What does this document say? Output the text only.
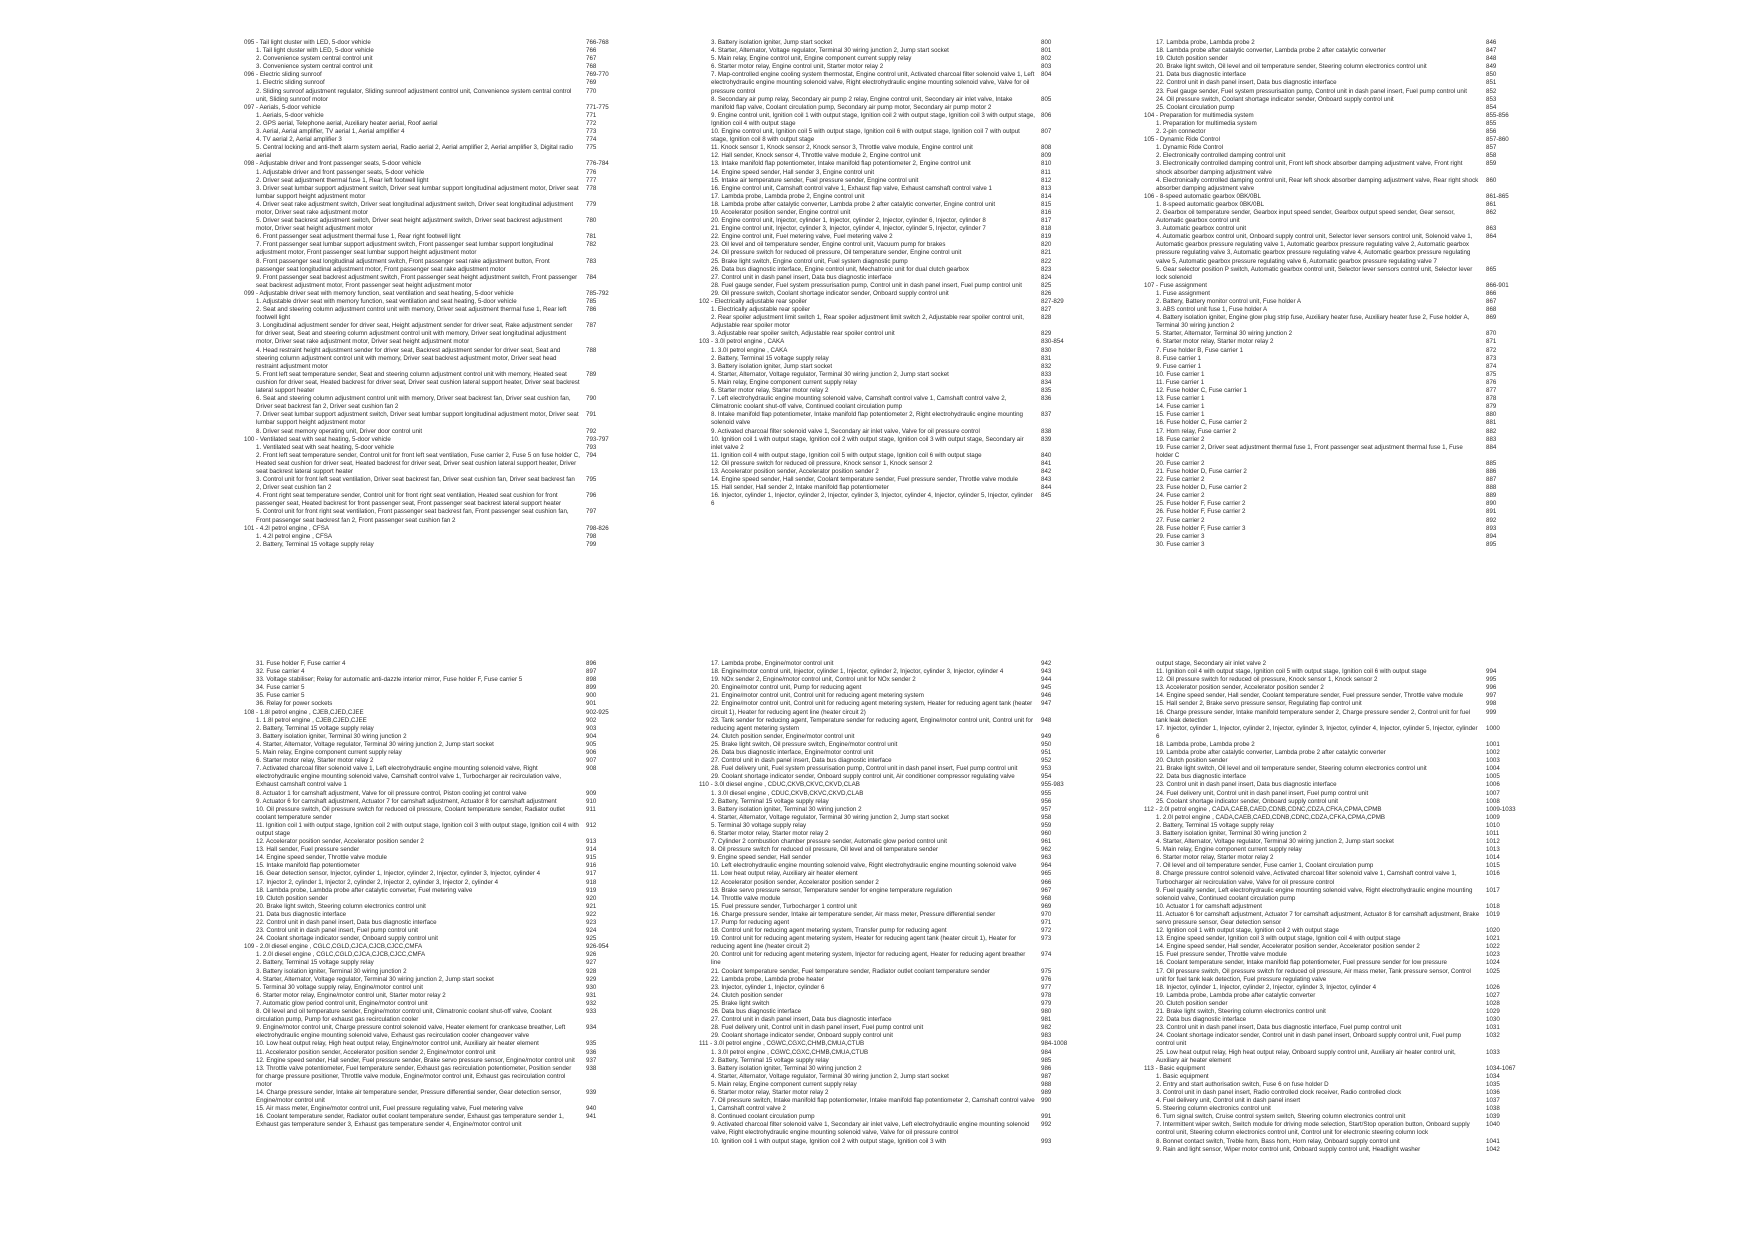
095 - Tail light cluster with LED, 5-door vehicle	766-768
1. Tail light cluster with LED, 5-door vehicle	766
2. Convenience system central control unit	767
3. Convenience system central control unit	768
096 - Electric sliding sunroof	769-770
1. Electric sliding sunroof	769
2. Sliding sunroof adjustment regulator, Sliding sunroof adjustment control unit, Convenience system central control unit, Sliding sunroof motor
770
097 - Aerials, 5-door vehicle	771-775
1. Aerials, 5-door vehicle	771
2. GPS aerial, Telephone aerial, Auxiliary heater aerial, Roof aerial	772
3. Aerial, Aerial amplifier, TV aerial 1, Aerial amplifier 4	773
4. TV aerial 2, Aerial amplifier 3	774
5. Central locking and anti-theft alarm system aerial, Radio aerial 2, Aerial amplifier 2, Aerial amplifier 3, Digital radio aerial
775
098 - Adjustable driver and front passenger seats, 5-door vehicle	776-784
1. Adjustable driver and front passenger seats, 5-door vehicle	776
2. Driver seat adjustment thermal fuse 1, Rear left footwell light	777
3. Driver seat lumbar support adjustment switch, Driver seat lumbar support longitudinal adjustment motor, Driver seat lumbar support height adjustment motor
778
4. Driver seat rake adjustment switch, Driver seat longitudinal adjustment switch, Driver seat longitudinal adjustment motor, Driver seat rake adjustment motor
779
5. Driver seat backrest adjustment switch, Driver seat height adjustment switch, Driver seat backrest adjustment motor, Driver seat height adjustment motor
780
6. Front passenger seat adjustment thermal fuse 1, Rear right footwell light	781
7. Front passenger seat lumbar support adjustment switch, Front passenger seat lumbar support longitudinal adjustment motor, Front passenger seat lumbar support height adjustment motor
782
8. Front passenger seat longitudinal adjustment switch, Front passenger seat rake adjustment button, Front passenger seat longitudinal adjustment motor, Front passenger seat rake adjustment motor
783
9. Front passenger seat backrest adjustment switch, Front passenger seat height adjustment switch, Front passenger seat backrest adjustment motor, Front passenger seat height adjustment motor
784
099 - Adjustable driver seat with memory function, seat ventilation and seat heating, 5-door vehicle	785-792
1. Adjustable driver seat with memory function, seat ventilation and seat heating, 5-door vehicle	785
2. Seat and steering column adjustment control unit with memory, Driver seat adjustment thermal fuse 1, Rear left footwell light
786
3. Longitudinal adjustment sender for driver seat, Height adjustment sender for driver seat, Rake adjustment sender for driver seat, Seat and steering column adjustment control unit with memory, Driver seat longitudinal adjustment motor, Driver seat rake adjustment motor, Driver seat height adjustment motor
787
4. Head restraint height adjustment sender for driver seat, Backrest adjustment sender for driver seat, Seat and steering column adjustment control unit with memory, Driver seat backrest adjustment motor, Driver seat head restraint adjustment motor
788
5. Front left seat temperature sender, Seat and steering column adjustment control unit with memory, Heated seat cushion for driver seat, Heated backrest for driver seat, Driver seat cushion lateral support heater, Driver seat backrest lateral support heater
789
6. Seat and steering column adjustment control unit with memory, Driver seat backrest fan, Driver seat cushion fan, Driver seat backrest fan 2, Driver seat cushion fan 2
790
7. Driver seat lumbar support adjustment switch, Driver seat lumbar support longitudinal adjustment motor, Driver seat lumbar support height adjustment motor
791
8. Driver seat memory operating unit, Driver door control unit	792
100 - Ventilated seat with seat heating, 5-door vehicle	793-797
1. Ventilated seat with seat heating, 5-door vehicle	793
2. Front left seat temperature sender, Control unit for front left seat ventilation, Fuse carrier 2, Fuse 5 on fuse holder C, Heated seat cushion for driver seat, Heated backrest for driver seat, Driver seat cushion lateral support heater, Driver seat backrest lateral support heater
794
3. Control unit for front left seat ventilation, Driver seat backrest fan, Driver seat cushion fan, Driver seat backrest fan 2, Driver seat cushion fan 2
795
4. Front right seat temperature sender, Control unit for front right seat ventilation, Heated seat cushion for front passenger seat, Heated backrest for front passenger seat, Front passenger seat backrest lateral support heater
796
5. Control unit for front right seat ventilation, Front passenger seat backrest fan, Front passenger seat cushion fan, Front passenger seat backrest fan 2, Front passenger seat cushion fan 2
797
101 - 4.2l petrol engine , CFSA	798-826
1. 4.2l petrol engine , CFSA	798
2. Battery, Terminal 15 voltage supply relay	799
3. Battery isolation igniter, Jump start socket	800
4. Starter, Alternator, Voltage regulator, Terminal 30 wiring junction 2, Jump start socket	801
5. Main relay, Engine control unit, Engine component current supply relay	802
6. Starter motor relay, Engine control unit, Starter motor relay 2	803
7. Map-controlled engine cooling system thermostat, Engine control unit, Activated charcoal filter solenoid valve 1, Left electrohydraulic engine mounting solenoid valve, Right electrohydraulic engine mounting solenoid valve, Valve for oil pressure control
804
8. Secondary air pump relay, Secondary air pump 2 relay, Engine control unit, Secondary air inlet valve, Intake manifold flap valve, Coolant circulation pump, Secondary air pump motor, Secondary air pump motor 2
805
9. Engine control unit, Ignition coil 1 with output stage, Ignition coil 2 with output stage, Ignition coil 3 with output stage, Ignition coil 4 with output stage
806
10. Engine control unit, Ignition coil 5 with output stage, Ignition coil 6 with output stage, Ignition coil 7 with output stage, Ignition coil 8 with output stage
807
11. Knock sensor 1, Knock sensor 2, Knock sensor 3, Throttle valve module, Engine control unit	808
12. Hall sender, Knock sensor 4, Throttle valve module 2, Engine control unit	809
13. Intake manifold flap potentiometer, Intake manifold flap potentiometer 2, Engine control unit	810
14. Engine speed sender, Hall sender 3, Engine control unit	811
15. Intake air temperature sender, Fuel pressure sender, Engine control unit	812
16. Engine control unit, Camshaft control valve 1, Exhaust flap valve, Exhaust camshaft control valve 1	813
17. Lambda probe, Lambda probe 2, Engine control unit	814
18. Lambda probe after catalytic converter, Lambda probe 2 after catalytic converter, Engine control unit	815
19. Accelerator position sender, Engine control unit	816
20. Engine control unit, Injector, cylinder 1, Injector, cylinder 2, Injector, cylinder 6, Injector, cylinder 8	817
21. Engine control unit, Injector, cylinder 3, Injector, cylinder 4, Injector, cylinder 5, Injector, cylinder 7	818
22. Engine control unit, Fuel metering valve, Fuel metering valve 2	819
23. Oil level and oil temperature sender, Engine control unit, Vacuum pump for brakes	820
24. Oil pressure switch for reduced oil pressure, Oil temperature sender, Engine control unit	821
25. Brake light switch, Engine control unit, Fuel system diagnostic pump	822
26. Data bus diagnostic interface, Engine control unit, Mechatronic unit for dual clutch gearbox	823
27. Control unit in dash panel insert, Data bus diagnostic interface	824
28. Fuel gauge sender, Fuel system pressurisation pump, Control unit in dash panel insert, Fuel pump control unit	825
29. Oil pressure switch, Coolant shortage indicator sender, Onboard supply control unit	826
102 - Electrically adjustable rear spoiler	827-829
1. Electrically adjustable rear spoiler	827
2. Rear spoiler adjustment limit switch 1, Rear spoiler adjustment limit switch 2, Adjustable rear spoiler control unit, Adjustable rear spoiler motor
828
3. Adjustable rear spoiler switch, Adjustable rear spoiler control unit	829
103 - 3.0l petrol engine , CAKA	830-854
1. 3.0l petrol engine , CAKA	830
2. Battery, Terminal 15 voltage supply relay	831
3. Battery isolation igniter, Jump start socket	832
4. Starter, Alternator, Voltage regulator, Terminal 30 wiring junction 2, Jump start socket	833
5. Main relay, Engine component current supply relay	834
6. Starter motor relay, Starter motor relay 2	835
7. Left electrohydraulic engine mounting solenoid valve, Camshaft control valve 1, Camshaft control valve 2, Climatronic coolant shut-off valve, Continued coolant circulation pump
836
8. Intake manifold flap potentiometer, Intake manifold flap potentiometer 2, Right electrohydraulic engine mounting solenoid valve
837
9. Activated charcoal filter solenoid valve 1, Secondary air inlet valve, Valve for oil pressure control	838
10. Ignition coil 1 with output stage, Ignition coil 2 with output stage, Ignition coil 3 with output stage, Secondary air inlet valve 2
839
11. Ignition coil 4 with output stage, Ignition coil 5 with output stage, Ignition coil 6 with output stage	840
12. Oil pressure switch for reduced oil pressure, Knock sensor 1, Knock sensor 2	841
13. Accelerator position sender, Accelerator position sender 2	842
14. Engine speed sender, Hall sender, Coolant temperature sender, Fuel pressure sender, Throttle valve module	843
15. Hall sender, Hall sender 2, Intake manifold flap potentiometer	844
16. Injector, cylinder 1, Injector, cylinder 2, Injector, cylinder 3, Injector, cylinder 4, Injector, cylinder 5, Injector, cylinder 6
845
17. Lambda probe, Lambda probe 2	846
18. Lambda probe after catalytic converter, Lambda probe 2 after catalytic converter	847
19. Clutch position sender	848
20. Brake light switch, Oil level and oil temperature sender, Steering column electronics control unit	849
21. Data bus diagnostic interface	850
22. Control unit in dash panel insert, Data bus diagnostic interface	851
23. Fuel gauge sender, Fuel system pressurisation pump, Control unit in dash panel insert, Fuel pump control unit	852
24. Oil pressure switch, Coolant shortage indicator sender, Onboard supply control unit	853
25. Coolant circulation pump	854
104 - Preparation for multimedia system	855-856
1. Preparation for multimedia system	855
2. 2-pin connector	856
105 - Dynamic Ride Control	857-860
1. Dynamic Ride Control	857
2. Electronically controlled damping control unit	858
3. Electronically controlled damping control unit, Front left shock absorber damping adjustment valve, Front right shock absorber damping adjustment valve
859
4. Electronically controlled damping control unit, Rear left shock absorber damping adjustment valve, Rear right shock absorber damping adjustment valve
860
106 - 8-speed automatic gearbox 0BK/0BL	861-865
1. 8-speed automatic gearbox 0BK/0BL	861
2. Gearbox oil temperature sender, Gearbox input speed sender, Gearbox output speed sender, Gear sensor, Automatic gearbox control unit
862
3. Automatic gearbox control unit	863
4. Automatic gearbox control unit, Onboard supply control unit, Selector lever sensors control unit, Solenoid valve 1, Automatic gearbox pressure regulating valve 1, Automatic gearbox pressure regulating valve 2, Automatic gearbox pressure regulating valve 3, Automatic gearbox pressure regulating valve 4, Automatic gearbox pressure regulating valve 5, Automatic gearbox pressure regulating valve 6, Automatic gearbox pressure regulating valve 7
864
5. Gear selector position P switch, Automatic gearbox control unit, Selector lever sensors control unit, Selector lever lock solenoid
865
107 - Fuse assignment	866-901
1. Fuse assignment	866
2. Battery, Battery monitor control unit, Fuse holder A	867
3. ABS control unit fuse 1, Fuse holder A	868
4. Battery isolation igniter, Engine glow plug strip fuse, Auxiliary heater fuse, Auxiliary heater fuse 2, Fuse holder A, Terminal 30 wiring junction 2
869
5. Starter, Alternator, Terminal 30 wiring junction 2	870
6. Starter motor relay, Starter motor relay 2	871
7. Fuse holder B, Fuse carrier 1	872
8. Fuse carrier 1	873
9. Fuse carrier 1	874
10. Fuse carrier 1	875
11. Fuse carrier 1	876
12. Fuse holder C, Fuse carrier 1	877
13. Fuse carrier 1	878
14. Fuse carrier 1	879
15. Fuse carrier 1	880
16. Fuse holder C, Fuse carrier 2	881
17. Horn relay, Fuse carrier 2	882
18. Fuse carrier 2	883
19. Fuse carrier 2, Driver seat adjustment thermal fuse 1, Front passenger seat adjustment thermal fuse 1, Fuse holder C
884
20. Fuse carrier 2	885
21. Fuse holder D, Fuse carrier 2	886
22. Fuse carrier 2	887
23. Fuse holder D, Fuse carrier 2	888
24. Fuse carrier 2	889
25. Fuse holder F, Fuse carrier 2	890
26. Fuse holder F, Fuse carrier 2	891
27. Fuse carrier 2	892
28. Fuse holder F, Fuse carrier 3	893
29. Fuse carrier 3	894
30. Fuse carrier 3	895
31. Fuse holder F, Fuse carrier 4	896
32. Fuse carrier 4	897
33. Voltage stabiliser; Relay for automatic anti-dazzle interior mirror, Fuse holder F, Fuse carrier 5	898
34. Fuse carrier 5	899
35. Fuse carrier 5	900
36. Relay for power sockets	901
108 - 1.8l petrol engine , CJEB,CJED,CJEE	902-925
1. 1.8l petrol engine , CJEB,CJED,CJEE	902
2. Battery, Terminal 15 voltage supply relay	903
3. Battery isolation igniter, Terminal 30 wiring junction 2	904
4. Starter, Alternator, Voltage regulator, Terminal 30 wiring junction 2, Jump start socket	905
5. Main relay, Engine component current supply relay	906
6. Starter motor relay, Starter motor relay 2	907
7. Activated charcoal filter solenoid valve 1, Left electrohydraulic engine mounting solenoid valve, Right electrohydraulic engine mounting solenoid valve, Camshaft control valve 1, Turbocharger air recirculation valve, Exhaust camshaft control valve 1
908
8. Actuator 1 for camshaft adjustment, Valve for oil pressure control, Piston cooling jet control valve	909
9. Actuator 6 for camshaft adjustment, Actuator 7 for camshaft adjustment, Actuator 8 for camshaft adjustment	910
10. Oil pressure switch, Oil pressure switch for reduced oil pressure, Coolant temperature sender, Radiator outlet coolant temperature sender
911
11. Ignition coil 1 with output stage, Ignition coil 2 with output stage, Ignition coil 3 with output stage, Ignition coil 4 with output stage
912
12. Accelerator position sender, Accelerator position sender 2	913
13. Hall sender, Fuel pressure sender	914
14. Engine speed sender, Throttle valve module	915
15. Intake manifold flap potentiometer	916
16. Gear detection sensor, Injector, cylinder 1, Injector, cylinder 2, Injector, cylinder 3, Injector, cylinder 4	917
17. Injector 2, cylinder 1, Injector 2, cylinder 2, Injector 2, cylinder 3, Injector 2, cylinder 4	918
18. Lambda probe, Lambda probe after catalytic converter, Fuel metering valve	919
19. Clutch position sender	920
20. Brake light switch, Steering column electronics control unit	921
21. Data bus diagnostic interface	922
22. Control unit in dash panel insert, Data bus diagnostic interface	923
23. Control unit in dash panel insert, Fuel pump control unit	924
24. Coolant shortage indicator sender, Onboard supply control unit	925
109 - 2.0l diesel engine , CGLC,CGLD,CJCA,CJCB,CJCC,CMFA	926-954
1. 2.0l diesel engine , CGLC,CGLD,CJCA,CJCB,CJCC,CMFA	926
2. Battery, Terminal 15 voltage supply relay	927
3. Battery isolation igniter, Terminal 30 wiring junction 2	928
4. Starter, Alternator, Voltage regulator, Terminal 30 wiring junction 2, Jump start socket	929
5. Terminal 30 voltage supply relay, Engine/motor control unit	930
6. Starter motor relay, Engine/motor control unit, Starter motor relay 2	931
7. Automatic glow period control unit, Engine/motor control unit	932
8. Oil level and oil temperature sender, Engine/motor control unit, Climatronic coolant shut-off valve, Coolant circulation pump, Pump for exhaust gas recirculation cooler
933
9. Engine/motor control unit, Charge pressure control solenoid valve, Heater element for crankcase breather, Left electrohydraulic engine mounting solenoid valve, Exhaust gas recirculation cooler changeover valve
934
10. Low heat output relay, High heat output relay, Engine/motor control unit, Auxiliary air heater element	935
11. Accelerator position sender, Accelerator position sender 2, Engine/motor control unit	936
12. Engine speed sender, Hall sender, Fuel pressure sender, Brake servo pressure sensor, Engine/motor control unit	937
13. Throttle valve potentiometer, Fuel temperature sender, Exhaust gas recirculation potentiometer, Position sender for charge pressure positioner, Throttle valve module, Engine/motor control unit, Exhaust gas recirculation control motor
938
14. Charge pressure sender, Intake air temperature sender, Pressure differential sender, Gear detection sensor, Engine/motor control unit
939
15. Air mass meter, Engine/motor control unit, Fuel pressure regulating valve, Fuel metering valve	940
16. Coolant temperature sender, Radiator outlet coolant temperature sender, Exhaust gas temperature sender 1, Exhaust gas temperature sender 3, Exhaust gas temperature sender 4, Engine/motor control unit
941
17. Lambda probe, Engine/motor control unit	942
18. Engine/motor control unit, Injector, cylinder 1, Injector, cylinder 2, Injector, cylinder 3, Injector, cylinder 4	943
19. NOx sender 2, Engine/motor control unit, Control unit for NOx sender 2	944
20. Engine/motor control unit, Pump for reducing agent	945
21. Engine/motor control unit, Control unit for reducing agent metering system	946
22. Engine/motor control unit, Control unit for reducing agent metering system, Heater for reducing agent tank (heater circuit 1), Heater for reducing agent line (heater circuit 2)
947
23. Tank sender for reducing agent, Temperature sender for reducing agent, Engine/motor control unit, Control unit for reducing agent metering system
948
24. Clutch position sender, Engine/motor control unit	949
25. Brake light switch, Oil pressure switch, Engine/motor control unit	950
26. Data bus diagnostic interface, Engine/motor control unit	951
27. Control unit in dash panel insert, Data bus diagnostic interface	952
28. Fuel delivery unit, Fuel system pressurisation pump, Control unit in dash panel insert, Fuel pump control unit	953
29. Coolant shortage indicator sender, Onboard supply control unit, Air conditioner compressor regulating valve	954
110 - 3.0l diesel engine , CDUC,CKVB,CKVC,CKVD,CLAB	955-983
1. 3.0l diesel engine , CDUC,CKVB,CKVC,CKVD,CLAB	955
2. Battery, Terminal 15 voltage supply relay	956
3. Battery isolation igniter, Terminal 30 wiring junction 2	957
4. Starter, Alternator, Voltage regulator, Terminal 30 wiring junction 2, Jump start socket	958
5. Terminal 30 voltage supply relay	959
6. Starter motor relay, Starter motor relay 2	960
7. Cylinder 2 combustion chamber pressure sender, Automatic glow period control unit	961
8. Oil pressure switch for reduced oil pressure, Oil level and oil temperature sender	962
9. Engine speed sender, Hall sender	963
10. Left electrohydraulic engine mounting solenoid valve, Right electrohydraulic engine mounting solenoid valve	964
11. Low heat output relay, Auxiliary air heater element	965
12. Accelerator position sender, Accelerator position sender 2	966
13. Brake servo pressure sensor, Temperature sender for engine temperature regulation	967
14. Throttle valve module	968
15. Fuel pressure sender, Turbocharger 1 control unit	969
16. Charge pressure sender, Intake air temperature sender, Air mass meter, Pressure differential sender	970
17. Pump for reducing agent	971
18. Control unit for reducing agent metering system, Transfer pump for reducing agent	972
19. Control unit for reducing agent metering system, Heater for reducing agent tank (heater circuit 1), Heater for reducing agent line (heater circuit 2)
973
20. Control unit for reducing agent metering system, Injector for reducing agent, Heater for reducing agent breather line
974
21. Coolant temperature sender, Fuel temperature sender, Radiator outlet coolant temperature sender	975
22. Lambda probe, Lambda probe heater	976
23. Injector, cylinder 1, Injector, cylinder 6	977
24. Clutch position sender	978
25. Brake light switch	979
26. Data bus diagnostic interface	980
27. Control unit in dash panel insert, Data bus diagnostic interface	981
28. Fuel delivery unit, Control unit in dash panel insert, Fuel pump control unit	982
29. Coolant shortage indicator sender, Onboard supply control unit	983
111 - 3.0l petrol engine , CGWC,CGXC,CHMB,CMUA,CTUB	984-1008
1. 3.0l petrol engine , CGWC,CGXC,CHMB,CMUA,CTUB	984
2. Battery, Terminal 15 voltage supply relay	985
3. Battery isolation igniter, Terminal 30 wiring junction 2	986
4. Starter, Alternator, Voltage regulator, Terminal 30 wiring junction 2, Jump start socket	987
5. Main relay, Engine component current supply relay	988
6. Starter motor relay, Starter motor relay 2	989
7. Oil pressure switch, Intake manifold flap potentiometer, Intake manifold flap potentiometer 2, Camshaft control valve 1, Camshaft control valve 2
990
8. Continued coolant circulation pump	991
9. Activated charcoal filter solenoid valve 1, Secondary air inlet valve, Left electrohydraulic engine mounting solenoid valve, Right electrohydraulic engine mounting solenoid valve, Valve for oil pressure control
992
10. Ignition coil 1 with output stage, Ignition coil 2 with output stage, Ignition coil 3 with	993
output stage, Secondary air inlet valve 2
11. Ignition coil 4 with output stage, Ignition coil 5 with output stage, Ignition coil 6 with output stage	994
12. Oil pressure switch for reduced oil pressure, Knock sensor 1, Knock sensor 2	995
13. Accelerator position sender, Accelerator position sender 2	996
14. Engine speed sender, Hall sender, Coolant temperature sender, Fuel pressure sender, Throttle valve module	997
15. Hall sender 2, Brake servo pressure sensor, Regulating flap control unit	998
16. Charge pressure sender, Intake manifold temperature sender 2, Charge pressure sender 2, Control unit for fuel tank leak detection
999
17. Injector, cylinder 1, Injector, cylinder 2, Injector, cylinder 3, Injector, cylinder 4, Injector, cylinder 5, Injector, cylinder 6
1000
18. Lambda probe, Lambda probe 2	1001
19. Lambda probe after catalytic converter, Lambda probe 2 after catalytic converter	1002
20. Clutch position sender	1003
21. Brake light switch, Oil level and oil temperature sender, Steering column electronics control unit	1004
22. Data bus diagnostic interface	1005
23. Control unit in dash panel insert, Data bus diagnostic interface	1006
24. Fuel delivery unit, Control unit in dash panel insert, Fuel pump control unit	1007
25. Coolant shortage indicator sender, Onboard supply control unit	1008
112 - 2.0l petrol engine , CADA,CAEB,CAED,CDNB,CDNC,CDZA,CFKA,CPMA,CPMB	1009-1033
1. 2.0l petrol engine , CADA,CAEB,CAED,CDNB,CDNC,CDZA,CFKA,CPMA,CPMB	1009
2. Battery, Terminal 15 voltage supply relay	1010
3. Battery isolation igniter, Terminal 30 wiring junction 2	1011
4. Starter, Alternator, Voltage regulator, Terminal 30 wiring junction 2, Jump start socket	1012
5. Main relay, Engine component current supply relay	1013
6. Starter motor relay, Starter motor relay 2	1014
7. Oil level and oil temperature sender, Fuse carrier 1, Coolant circulation pump	1015
8. Charge pressure control solenoid valve, Activated charcoal filter solenoid valve 1, Camshaft control valve 1, Turbocharger air recirculation valve, Valve for oil pressure control
1016
9. Fuel quality sender, Left electrohydraulic engine mounting solenoid valve, Right electrohydraulic engine mounting solenoid valve, Continued coolant circulation pump
1017
10. Actuator 1 for camshaft adjustment	1018
11. Actuator 6 for camshaft adjustment, Actuator 7 for camshaft adjustment, Actuator 8 for camshaft adjustment, Brake servo pressure sensor, Gear detection sensor
1019
12. Ignition coil 1 with output stage, Ignition coil 2 with output stage	1020
13. Engine speed sender, Ignition coil 3 with output stage, Ignition coil 4 with output stage	1021
14. Engine speed sender, Hall sender, Accelerator position sender, Accelerator position sender 2	1022
15. Fuel pressure sender, Throttle valve module	1023
16. Coolant temperature sender, Intake manifold flap potentiometer, Fuel pressure sender for low pressure	1024
17. Oil pressure switch, Oil pressure switch for reduced oil pressure, Air mass meter, Tank pressure sensor, Control unit for fuel tank leak detection, Fuel pressure regulating valve
1025
18. Injector, cylinder 1, Injector, cylinder 2, Injector, cylinder 3, Injector, cylinder 4	1026
19. Lambda probe, Lambda probe after catalytic converter	1027
20. Clutch position sender	1028
21. Brake light switch, Steering column electronics control unit	1029
22. Data bus diagnostic interface	1030
23. Control unit in dash panel insert, Data bus diagnostic interface, Fuel pump control unit	1031
24. Coolant shortage indicator sender, Control unit in dash panel insert, Onboard supply control unit, Fuel pump control unit
1032
25. Low heat output relay, High heat output relay, Onboard supply control unit, Auxiliary air heater control unit, Auxiliary air heater element
1033
113 - Basic equipment	1034-1067
1. Basic equipment	1034
2. Entry and start authorisation switch, Fuse 6 on fuse holder D	1035
3. Control unit in dash panel insert, Radio controlled clock receiver, Radio controlled clock	1036
4. Fuel delivery unit, Control unit in dash panel insert	1037
5. Steering column electronics control unit	1038
6. Turn signal switch, Cruise control system switch, Steering column electronics control unit	1039
7. Intermittent wiper switch, Switch module for driving mode selection, Start/Stop operation button, Onboard supply control unit, Steering column electronics control unit, Control unit for electronic steering column lock
1040
8. Bonnet contact switch, Treble horn, Bass horn, Horn relay, Onboard supply control unit	1041
9. Rain and light sensor, Wiper motor control unit, Onboard supply control unit, Headlight washer	1042
